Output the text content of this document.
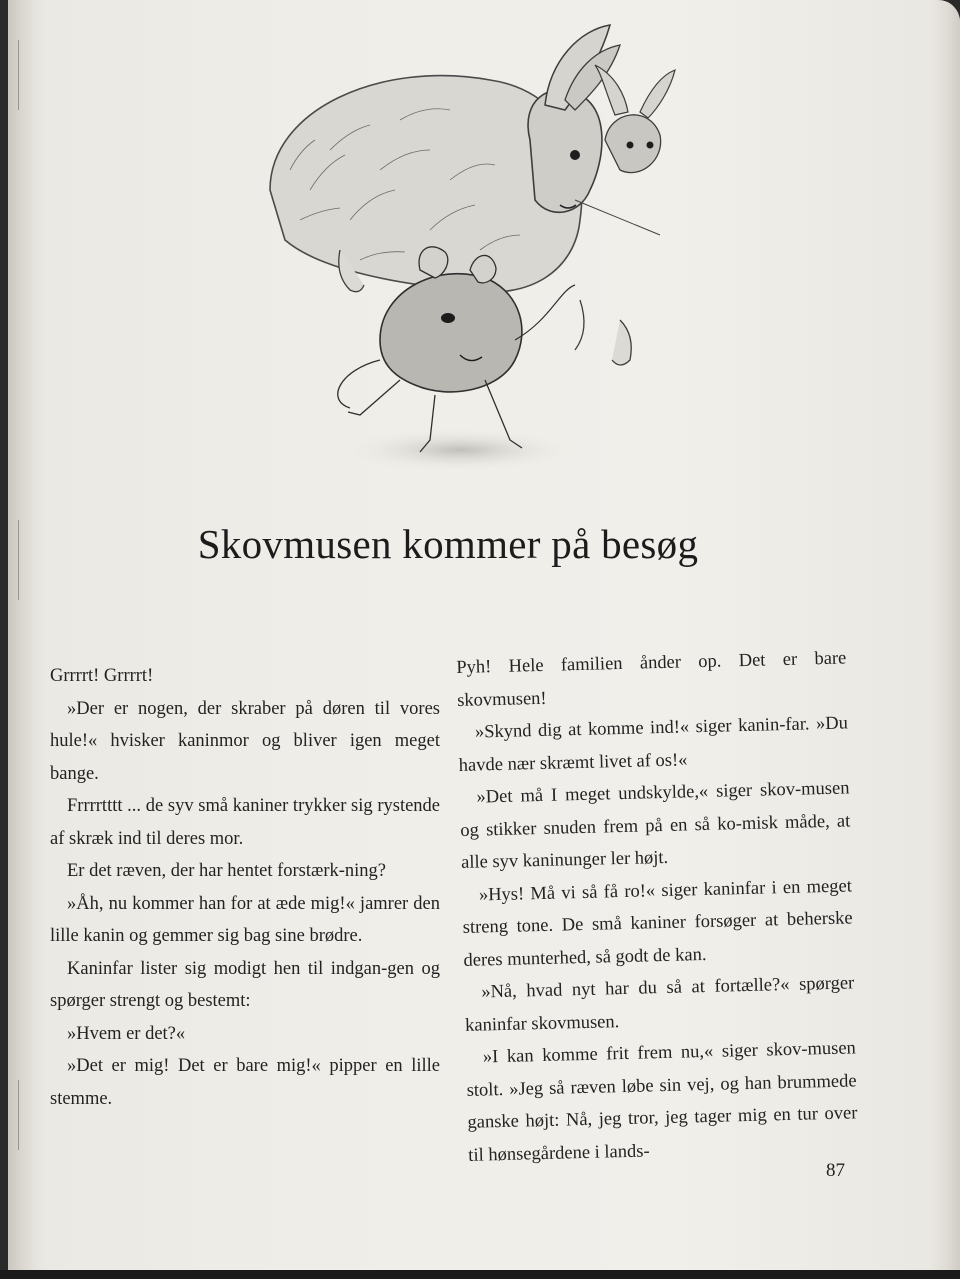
Skovmusen kommer på besøg

Grrrrt! Grrrrt!

»Der er nogen, der skraber på døren til vores hule!« hvisker kaninmor og bliver igen meget bange.

Frrrrtttt ... de syv små kaniner trykker sig rystende af skræk ind til deres mor.

Er det ræven, der har hentet forstærk-ning?

»Åh, nu kommer han for at æde mig!« jamrer den lille kanin og gemmer sig bag sine brødre.

Kaninfar lister sig modigt hen til indgan-gen og spørger strengt og bestemt:

»Hvem er det?«

»Det er mig! Det er bare mig!« pipper en lille stemme.

Pyh! Hele familien ånder op. Det er bare skovmusen!

»Skynd dig at komme ind!« siger kanin-far. »Du havde nær skræmt livet af os!«

»Det må I meget undskylde,« siger skov-musen og stikker snuden frem på en så ko-misk måde, at alle syv kaninunger ler højt.

»Hys! Må vi så få ro!« siger kaninfar i en meget streng tone. De små kaniner forsøger at beherske deres munterhed, så godt de kan.

»Nå, hvad nyt har du så at fortælle?« spørger kaninfar skovmusen.

»I kan komme frit frem nu,« siger skov-musen stolt. »Jeg så ræven løbe sin vej, og han brummede ganske højt: Nå, jeg tror, jeg tager mig en tur over til hønsegårdene i lands-

87
